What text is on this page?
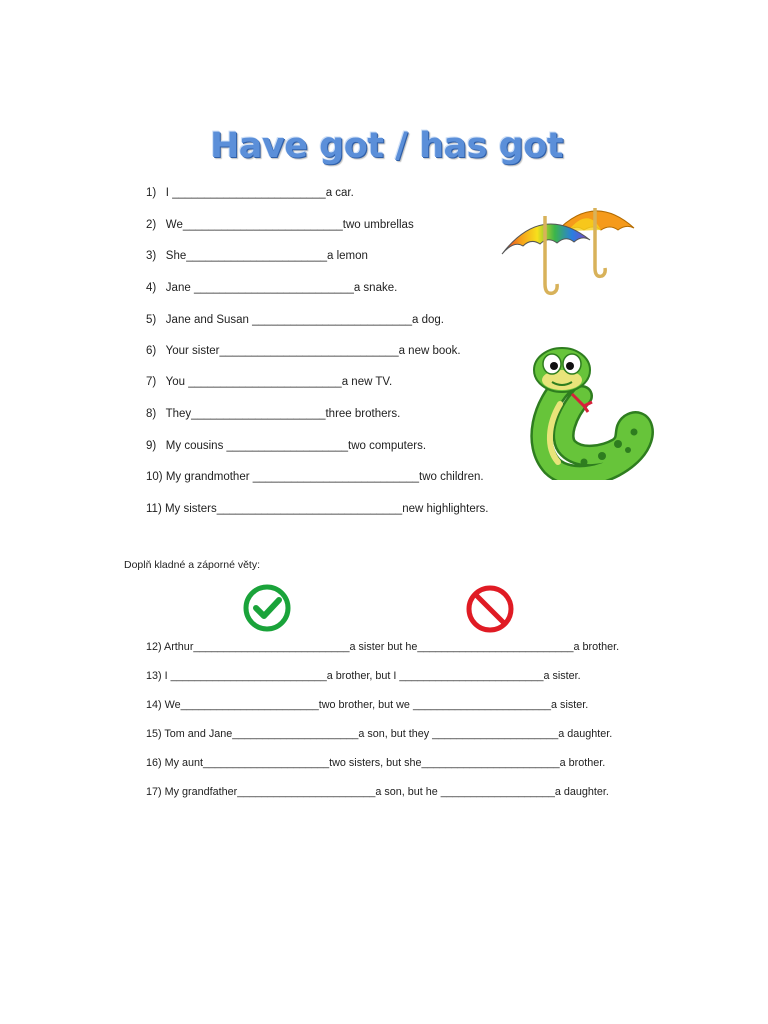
Have got / has got
1)   I ________________________a car.
2)   We_________________________two umbrellas
3)   She______________________a lemon
4)   Jane _________________________a snake.
5)   Jane and Susan _________________________a dog.
6)   Your sister____________________________a new book.
7)   You ________________________a new TV.
8)   They_____________________three brothers.
9)   My cousins ___________________two computers.
10) My grandmother __________________________two children.
11) My sisters_____________________________new highlighters.
Doplň kladné a záporné věty:
12) Arthur__________________________a sister but he__________________________a brother.
13) I __________________________a brother, but I ________________________a sister.
14) We_______________________two brother, but we _______________________a sister.
15) Tom and Jane_____________________a son, but they _____________________a daughter.
16) My aunt_____________________two sisters, but she_______________________a brother.
17) My grandfather_______________________a son, but he ___________________a daughter.
